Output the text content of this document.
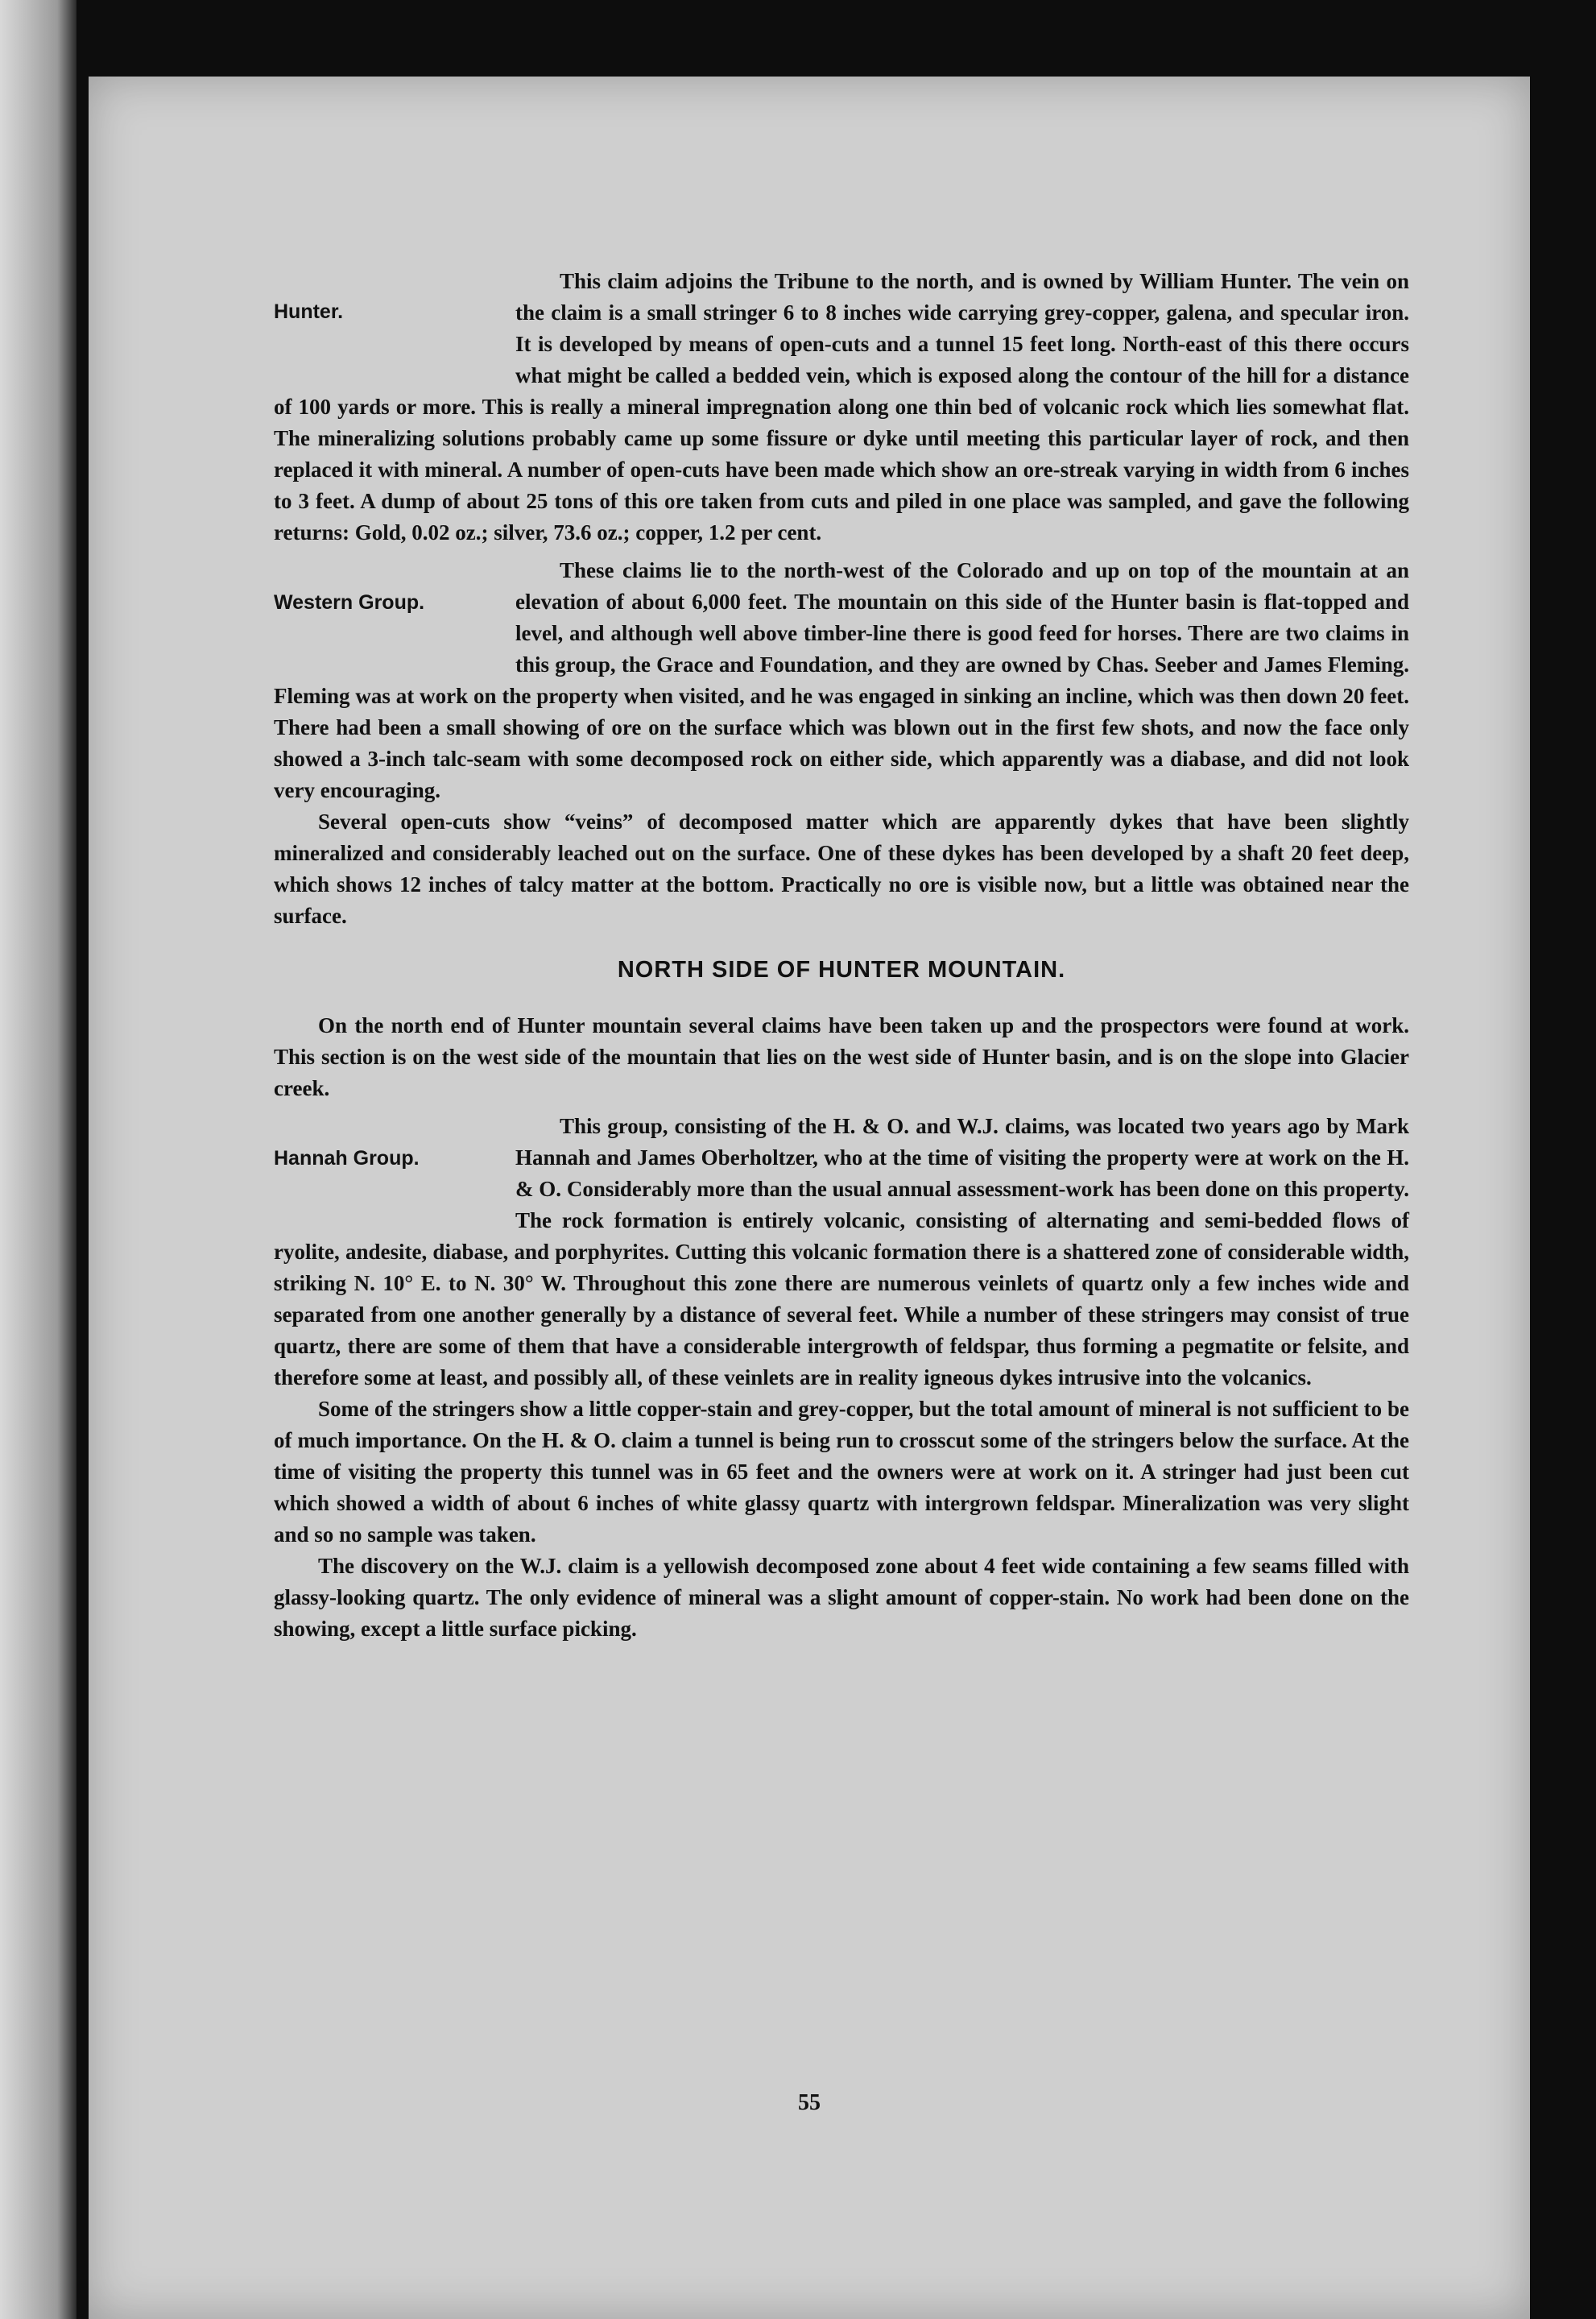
Hunter.

This claim adjoins the Tribune to the north, and is owned by William Hunter. The vein on the claim is a small stringer 6 to 8 inches wide carrying grey-copper, galena, and specular iron. It is developed by means of open-cuts and a tunnel 15 feet long. North-east of this there occurs what might be called a bedded vein, which is exposed along the contour of the hill for a distance of 100 yards or more. This is really a mineral impregnation along one thin bed of volcanic rock which lies somewhat flat. The mineralizing solutions probably came up some fissure or dyke until meeting this particular layer of rock, and then replaced it with mineral. A number of open-cuts have been made which show an ore-streak varying in width from 6 inches to 3 feet. A dump of about 25 tons of this ore taken from cuts and piled in one place was sampled, and gave the following returns: Gold, 0.02 oz.; silver, 73.6 oz.; copper, 1.2 per cent.

Western Group.

These claims lie to the north-west of the Colorado and up on top of the mountain at an elevation of about 6,000 feet. The mountain on this side of the Hunter basin is flat-topped and level, and although well above timber-line there is good feed for horses. There are two claims in this group, the Grace and Foundation, and they are owned by Chas. Seeber and James Fleming. Fleming was at work on the property when visited, and he was engaged in sinking an incline, which was then down 20 feet. There had been a small showing of ore on the surface which was blown out in the first few shots, and now the face only showed a 3-inch talc-seam with some decomposed rock on either side, which apparently was a diabase, and did not look very encouraging.

Several open-cuts show “veins” of decomposed matter which are apparently dykes that have been slightly mineralized and considerably leached out on the surface. One of these dykes has been developed by a shaft 20 feet deep, which shows 12 inches of talcy matter at the bottom. Practically no ore is visible now, but a little was obtained near the surface.

NORTH SIDE OF HUNTER MOUNTAIN.

On the north end of Hunter mountain several claims have been taken up and the prospectors were found at work. This section is on the west side of the mountain that lies on the west side of Hunter basin, and is on the slope into Glacier creek.

Hannah Group.

This group, consisting of the H. & O. and W.J. claims, was located two years ago by Mark Hannah and James Oberholtzer, who at the time of visiting the property were at work on the H. & O. Considerably more than the usual annual assessment-work has been done on this property. The rock formation is entirely volcanic, consisting of alternating and semi-bedded flows of ryolite, andesite, diabase, and porphyrites. Cutting this volcanic formation there is a shattered zone of considerable width, striking N. 10° E. to N. 30° W. Throughout this zone there are numerous veinlets of quartz only a few inches wide and separated from one another generally by a distance of several feet. While a number of these stringers may consist of true quartz, there are some of them that have a considerable intergrowth of feldspar, thus forming a pegmatite or felsite, and therefore some at least, and possibly all, of these veinlets are in reality igneous dykes intrusive into the volcanics.

Some of the stringers show a little copper-stain and grey-copper, but the total amount of mineral is not sufficient to be of much importance. On the H. & O. claim a tunnel is being run to crosscut some of the stringers below the surface. At the time of visiting the property this tunnel was in 65 feet and the owners were at work on it. A stringer had just been cut which showed a width of about 6 inches of white glassy quartz with intergrown feldspar. Mineralization was very slight and so no sample was taken.

The discovery on the W.J. claim is a yellowish decomposed zone about 4 feet wide containing a few seams filled with glassy-looking quartz. The only evidence of mineral was a slight amount of copper-stain. No work had been done on the showing, except a little surface picking.

55
